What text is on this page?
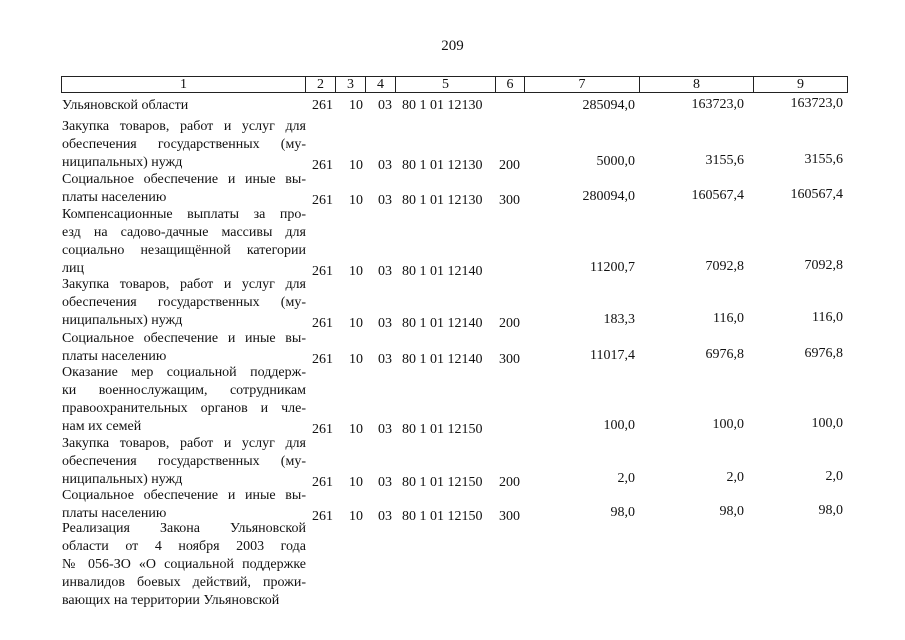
209
1	2	3	4	5	6	7	8	9
Ульяновской области	261 10 03 80 1 01 12130	285094,0	163723,0	163723,0
Закупка товаров, работ и услуг для
обеспечения государственных (му-
ниципальных) нужд	261 10 03 80 1 01 12130 200	5000,0	3155,6	3155,6
Социальное обеспечение и иные вы-
платы населению	261 10 03 80 1 01 12130 300	280094,0	160567,4	160567,4
Компенсационные выплаты за про-
езд на садово-дачные массивы для
социально незащищённой категории
лиц	261 10 03 80 1 01 12140	11200,7	7092,8	7092,8
Закупка товаров, работ и услуг для
обеспечения государственных (му-
ниципальных) нужд	261 10 03 80 1 01 12140 200	183,3	116,0	116,0
Социальное обеспечение и иные вы-
платы населению	261 10 03 80 1 01 12140 300	11017,4	6976,8	6976,8
Оказание мер социальной поддерж-
ки военнослужащим, сотрудникам
правоохранительных органов и чле-
нам их семей	261 10 03 80 1 01 12150	100,0	100,0	100,0
Закупка товаров, работ и услуг для
обеспечения государственных (му-
ниципальных) нужд	261 10 03 80 1 01 12150 200	2,0	2,0	2,0
Социальное обеспечение и иные вы-
платы населению	261 10 03 80 1 01 12150 300	98,0	98,0	98,0
Реализация Закона Ульяновской
области от 4 ноября 2003 года
№ 056-ЗО «О социальной поддержке
инвалидов боевых действий, прожи-
вающих на территории Ульяновской
